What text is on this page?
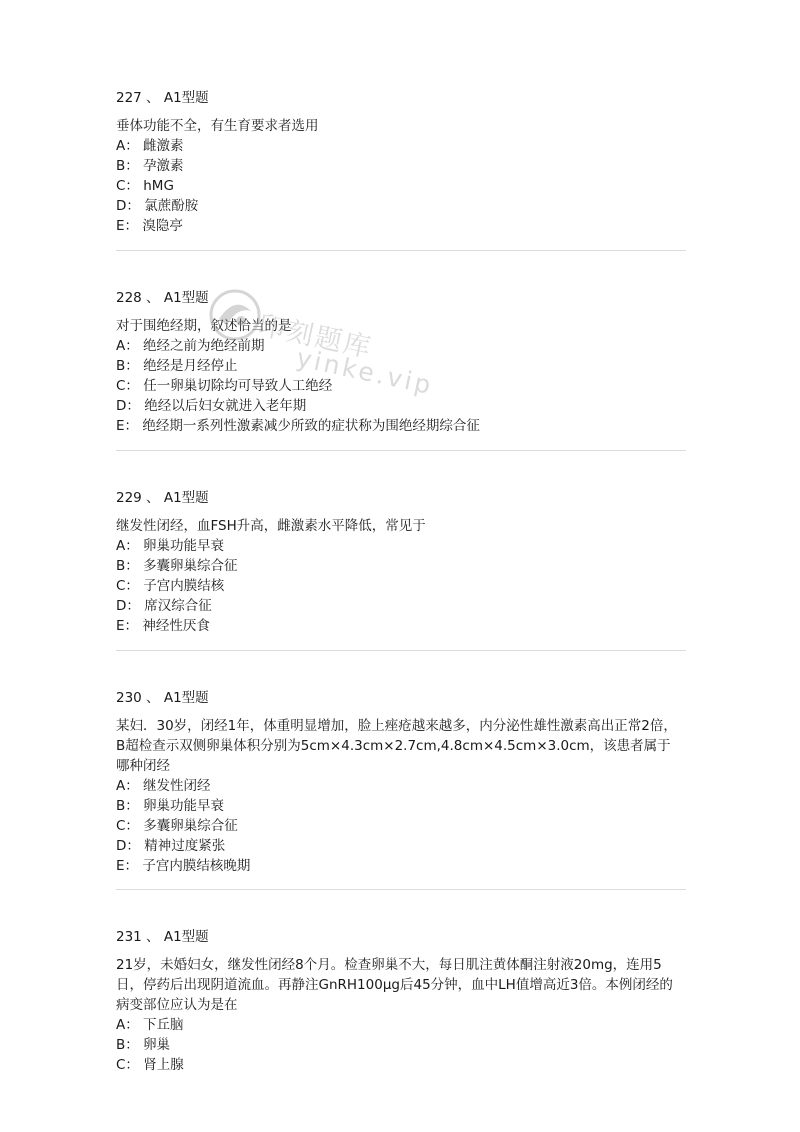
227 、 A1型题
垂体功能不全，有生育要求者选用
A： 雌激素
B： 孕激素
C： hMG
D： 氯蔗酚胺
E： 溴隐亭
228 、 A1型题
对于围绝经期，叙述恰当的是
A： 绝经之前为绝经前期
B： 绝经是月经停止
C： 任一卵巢切除均可导致人工绝经
D： 绝经以后妇女就进入老年期
E： 绝经期一系列性激素减少所致的症状称为围绝经期综合征
229 、 A1型题
继发性闭经，血FSH升高，雌激素水平降低，常见于
A： 卵巢功能早衰
B： 多囊卵巢综合征
C： 子宫内膜结核
D： 席汉综合征
E： 神经性厌食
230 、 A1型题
某妇．30岁，闭经1年，体重明显增加，脸上痤疮越来越多，内分泌性雄性激素高出正常2倍，B超检查示双侧卵巢体积分别为5cm×4.3cm×2.7cm,4.8cm×4.5cm×3.0cm，该患者属于哪种闭经
A： 继发性闭经
B： 卵巢功能早衰
C： 多囊卵巢综合征
D： 精神过度紧张
E： 子宫内膜结核晚期
231 、 A1型题
21岁，未婚妇女，继发性闭经8个月。检查卵巢不大，每日肌注黄体酮注射液20mg，连用5日，停药后出现阴道流血。再静注GnRH100μg后45分钟，血中LH值增高近3倍。本例闭经的病变部位应认为是在
A： 下丘脑
B： 卵巢
C： 肾上腺
印刻题库
yinke.vip
